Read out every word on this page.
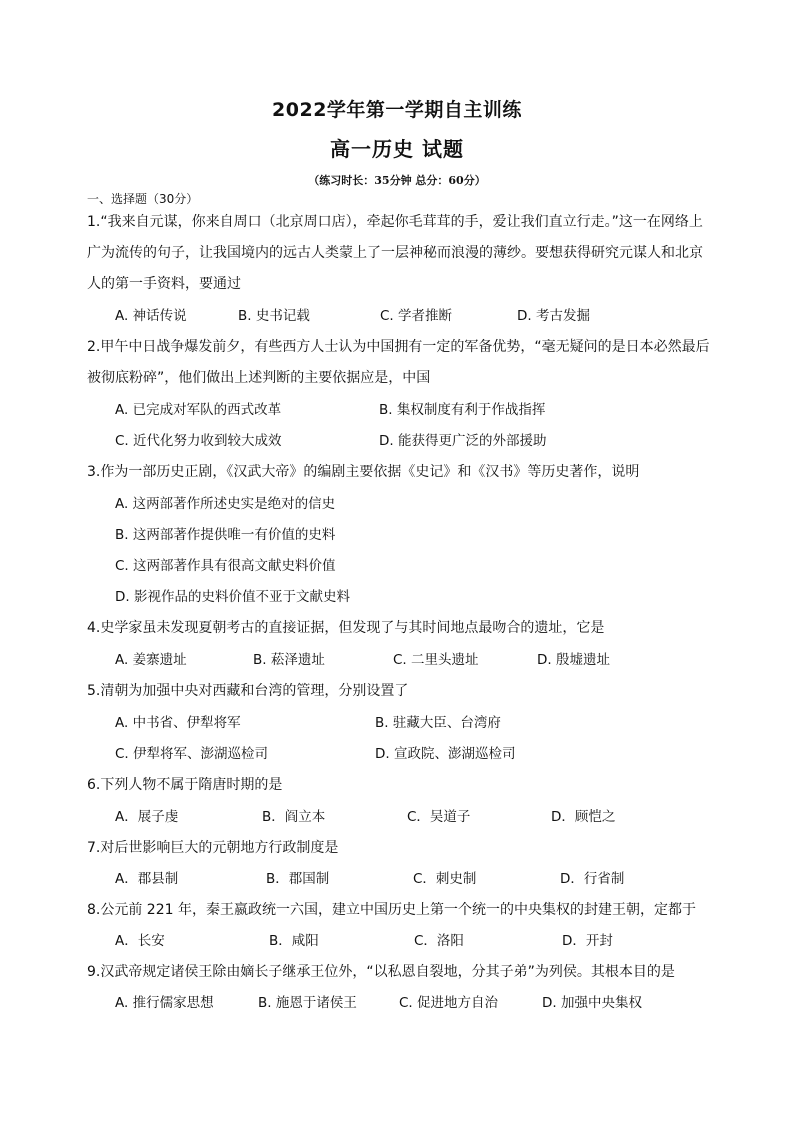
2022学年第一学期自主训练
高一历史 试题
（练习时长：35分钟 总分：60分）
一、选择题（30分）
1.“我来自元谋，你来自周口（北京周口店），牵起你毛茸茸的手，爱让我们直立行走。”这一在网络上
广为流传的句子，让我国境内的远古人类蒙上了一层神秘而浪漫的薄纱。要想获得研究元谋人和北京
人的第一手资料，要通过
A. 神话传说	B. 史书记载	C. 学者推断	D. 考古发掘
2.甲午中日战争爆发前夕，有些西方人士认为中国拥有一定的军备优势，“毫无疑问的是日本必然最后
被彻底粉碎”，他们做出上述判断的主要依据应是，中国
A. 已完成对军队的西式改革	B. 集权制度有利于作战指挥
C. 近代化努力收到较大成效	D. 能获得更广泛的外部援助
3.作为一部历史正剧，《汉武大帝》的编剧主要依据《史记》和《汉书》等历史著作，说明
A. 这两部著作所述史实是绝对的信史
B. 这两部著作提供唯一有价值的史料
C. 这两部著作具有很高文献史料价值
D. 影视作品的史料价值不亚于文献史料
4.史学家虽未发现夏朝考古的直接证据，但发现了与其时间地点最吻合的遗址，它是
A. 姜寨遗址	B. 菘泽遗址	C. 二里头遗址	D. 殷墟遗址
5.清朝为加强中央对西藏和台湾的管理，分别设置了
A. 中书省、伊犁将军	B. 驻藏大臣、台湾府
C. 伊犁将军、澎湖巡检司	D. 宣政院、澎湖巡检司
6.下列人物不属于隋唐时期的是
A．展子虔	B．阎立本	C．吴道子	D．顾恺之
7.对后世影响巨大的元朝地方行政制度是
A．郡县制	B．郡国制	C．刺史制	D．行省制
8.公元前 221 年，秦王嬴政统一六国，建立中国历史上第一个统一的中央集权的封建王朝，定都于
A．长安	B．咸阳	C．洛阳	D．开封
9.汉武帝规定诸侯王除由嫡长子继承王位外，“以私恩自裂地，分其子弟”为列侯。其根本目的是
A. 推行儒家思想	B. 施恩于诸侯王	C. 促进地方自治	D. 加强中央集权
